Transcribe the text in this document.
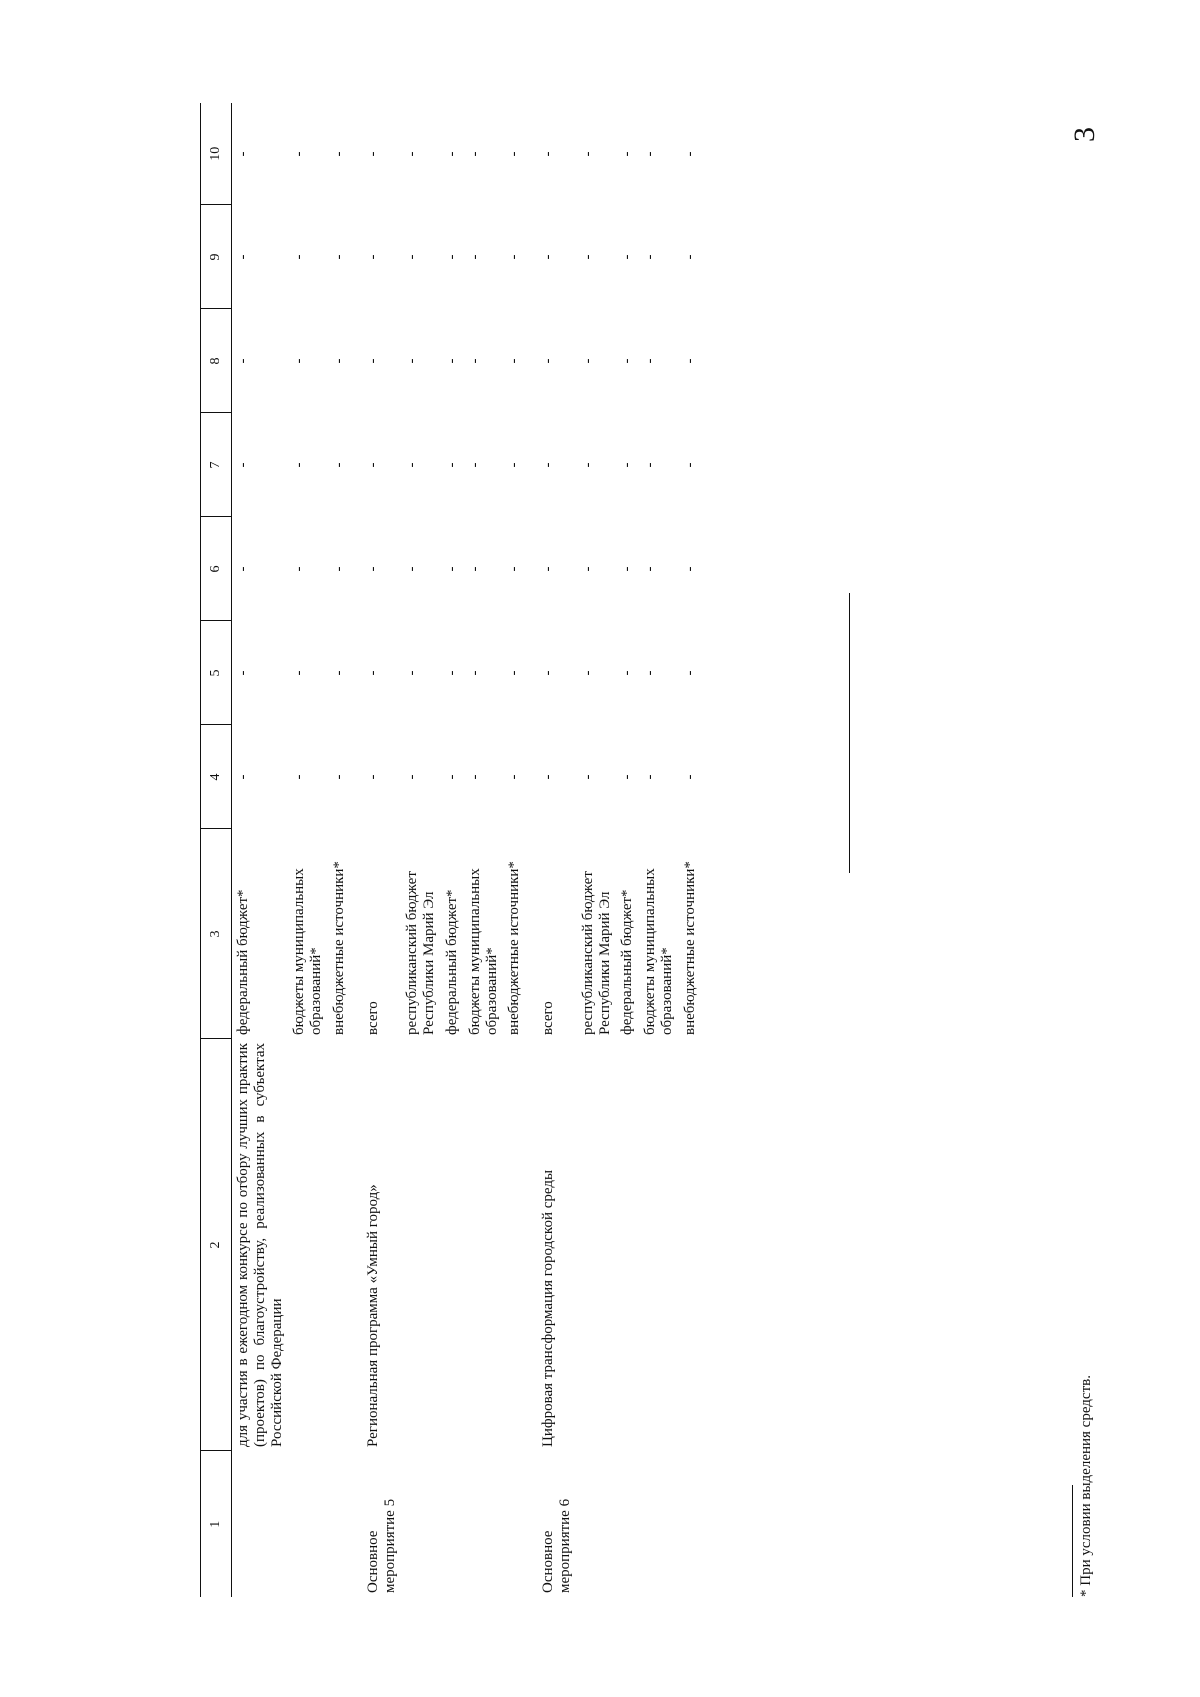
3
1	2	3	4	5	6	7	8	9	10
	для участия в ежегодном конкурсе по отбору лучших практик (проектов) по благоустройству, реализованных в субъектах Российской Федерации	федеральный бюджет*	-	-	-	-	-	-	-
		бюджеты муниципальных образований*	-	-	-	-	-	-	-
		внебюджетные источники*	-	-	-	-	-	-	-
Основное мероприятие 5	Региональная программа «Умный город»	всего	-	-	-	-	-	-	-
		республиканский бюджет Республики Марий Эл	-	-	-	-	-	-	-
		федеральный бюджет*	-	-	-	-	-	-	-
		бюджеты муниципальных образований*	-	-	-	-	-	-	-
		внебюджетные источники*	-	-	-	-	-	-	-
Основное мероприятие 6	Цифровая трансформация городской среды	всего	-	-	-	-	-	-	-
		республиканский бюджет Республики Марий Эл	-	-	-	-	-	-	-
		федеральный бюджет*	-	-	-	-	-	-	-
		бюджеты муниципальных образований*	-	-	-	-	-	-	-
		внебюджетные источники*	-	-	-	-	-	-	-
* При условии выделения средств.
